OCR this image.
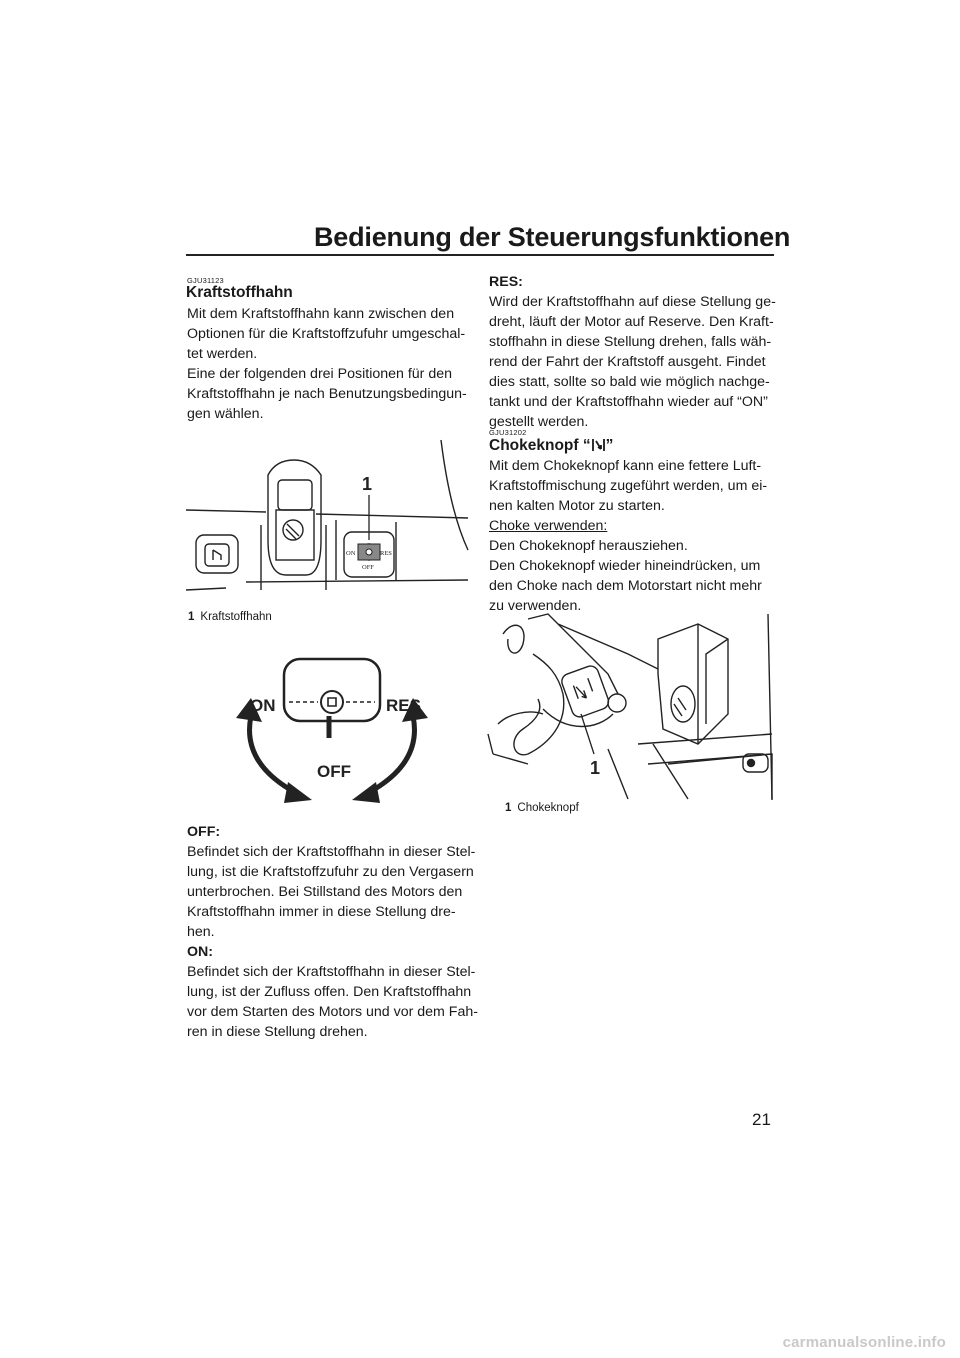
Bedienung der Steuerungsfunktionen
GJU31123
Kraftstoffhahn
Mit dem Kraftstoffhahn kann zwischen den
Optionen für die Kraftstoffzufuhr umgeschal-
tet werden.
Eine der folgenden drei Positionen für den
Kraftstoffhahn je nach Benutzungsbedingun-
gen wählen.
ON	RES
OFF
1
1 Kraftstoffhahn
ON	RES
OFF
OFF:
Befindet sich der Kraftstoffhahn in dieser Stel-
lung, ist die Kraftstoffzufuhr zu den Vergasern
unterbrochen. Bei Stillstand des Motors den
Kraftstoffhahn immer in diese Stellung dre-
hen.
ON:
Befindet sich der Kraftstoffhahn in dieser Stel-
lung, ist der Zufluss offen. Den Kraftstoffhahn
vor dem Starten des Motors und vor dem Fah-
ren in diese Stellung drehen.
RES:
Wird der Kraftstoffhahn auf diese Stellung ge-
dreht, läuft der Motor auf Reserve. Den Kraft-
stoffhahn in diese Stellung drehen, falls wäh-
rend der Fahrt der Kraftstoff ausgeht. Findet
dies statt, sollte so bald wie möglich nachge-
tankt und der Kraftstoffhahn wieder auf “ON”
gestellt werden.
GJU31202
Chokeknopf “ ”
Mit dem Chokeknopf kann eine fettere Luft-
Kraftstoffmischung zugeführt werden, um ei-
nen kalten Motor zu starten.
Choke verwenden:
Den Chokeknopf herausziehen.
Den Chokeknopf wieder hineindrücken, um
den Choke nach dem Motorstart nicht mehr
zu verwenden.
1
1 Chokeknopf
21
carmanualsonline.info
